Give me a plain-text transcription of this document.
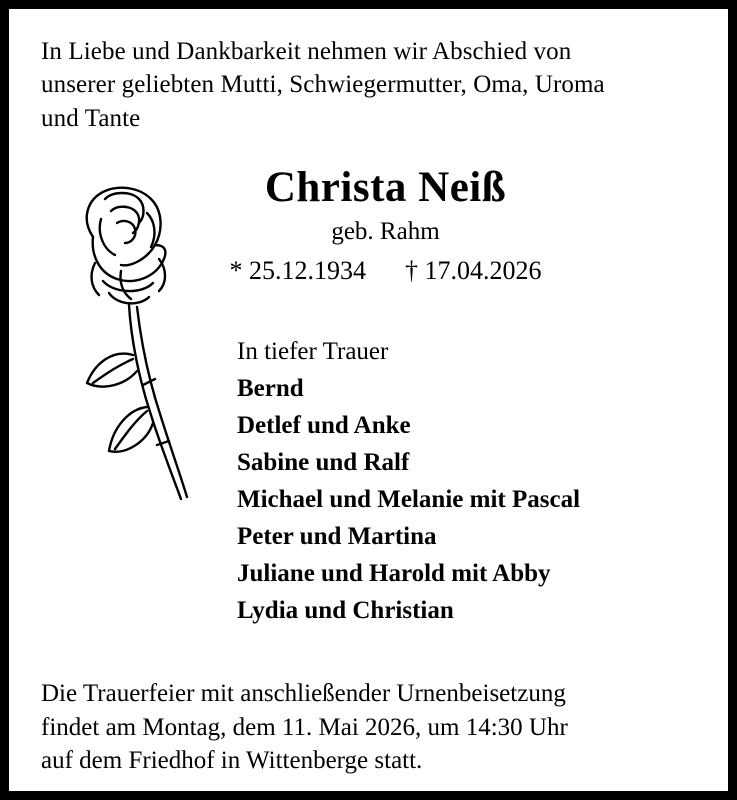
In Liebe und Dankbarkeit nehmen wir Abschied von
unserer geliebten Mutti, Schwiegermutter, Oma, Uroma
und Tante
Christa Neiß
geb. Rahm
* 25.12.1934      † 17.04.2026
In tiefer Trauer
Bernd
Detlef und Anke
Sabine und Ralf
Michael und Melanie mit Pascal
Peter und Martina
Juliane und Harold mit Abby
Lydia und Christian
Die Trauerfeier mit anschließender Urnenbeisetzung
findet am Montag, dem 11. Mai 2026, um 14:30 Uhr
auf dem Friedhof in Wittenberge statt.
